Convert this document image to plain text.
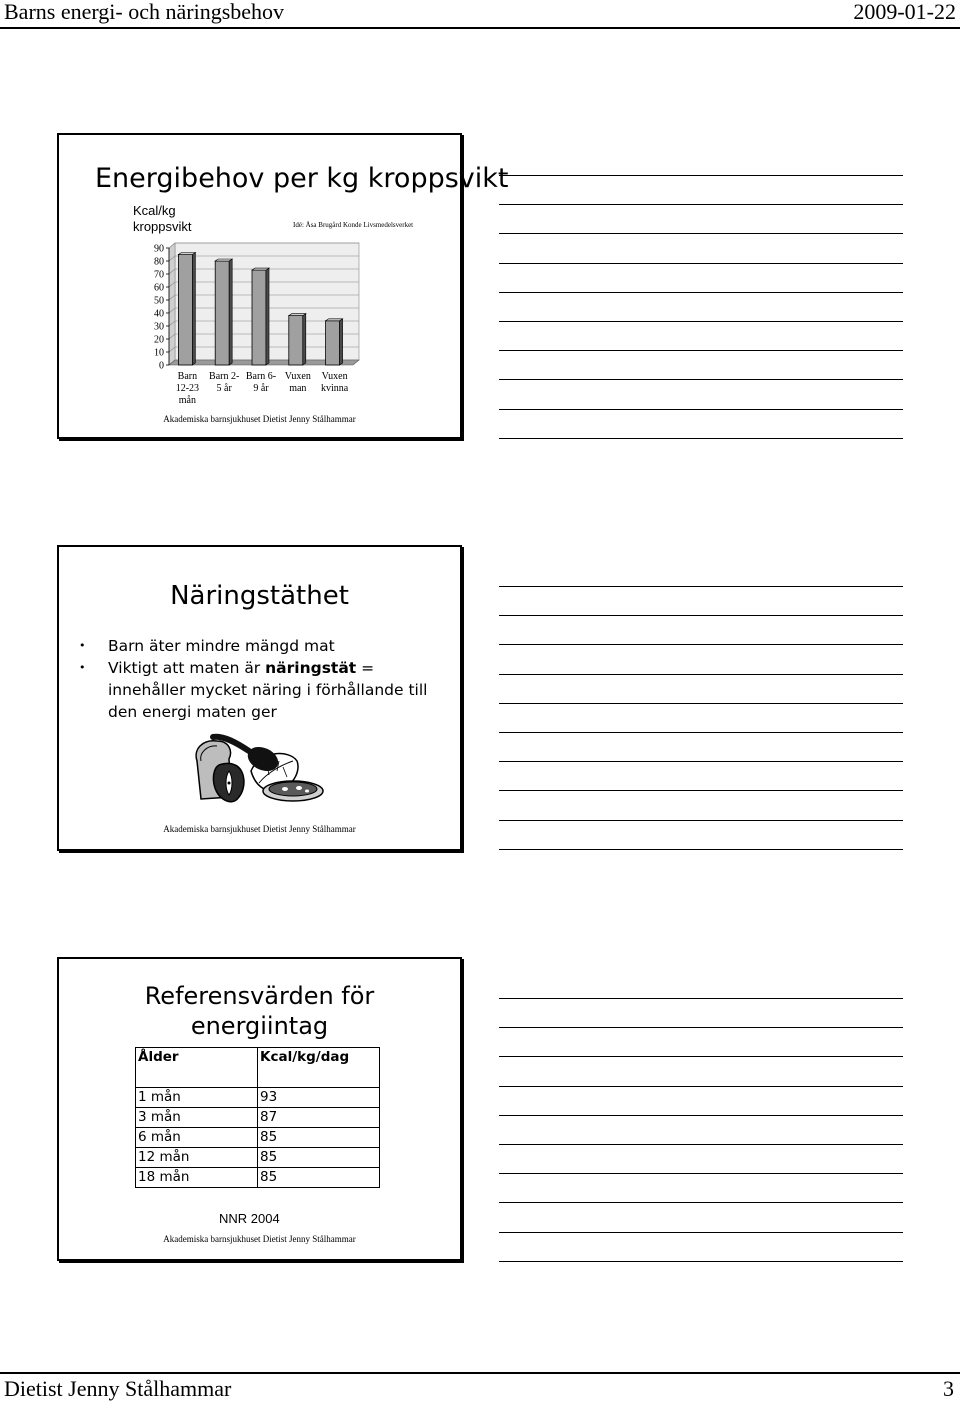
Barns energi- och näringsbehov	2009-01-22
Energibehov per kg kroppsvikt
Kcal/kg kroppsvikt	Idé: Åsa Brugård Konde Livsmedelsverket
0
10
20
30
40
50
60
70
80
90
Barn
12-23
mån
Barn 2-
5 år
Barn 6-
9 år
Vuxen
man
Vuxen
kvinna
Akademiska barnsjukhuset Dietist Jenny Stålhammar
Näringstäthet
• Barn äter mindre mängd mat
• Viktigt att maten är näringstät = innehåller mycket näring i förhållande till den energi maten ger
Akademiska barnsjukhuset Dietist Jenny Stålhammar
Referensvärden för
energiintag
Ålder	Kcal/kg/dag
1 mån	93
3 mån	87
6 mån	85
12 mån	85
18 mån	85
NNR 2004
Akademiska barnsjukhuset Dietist Jenny Stålhammar
Dietist Jenny Stålhammar	3
